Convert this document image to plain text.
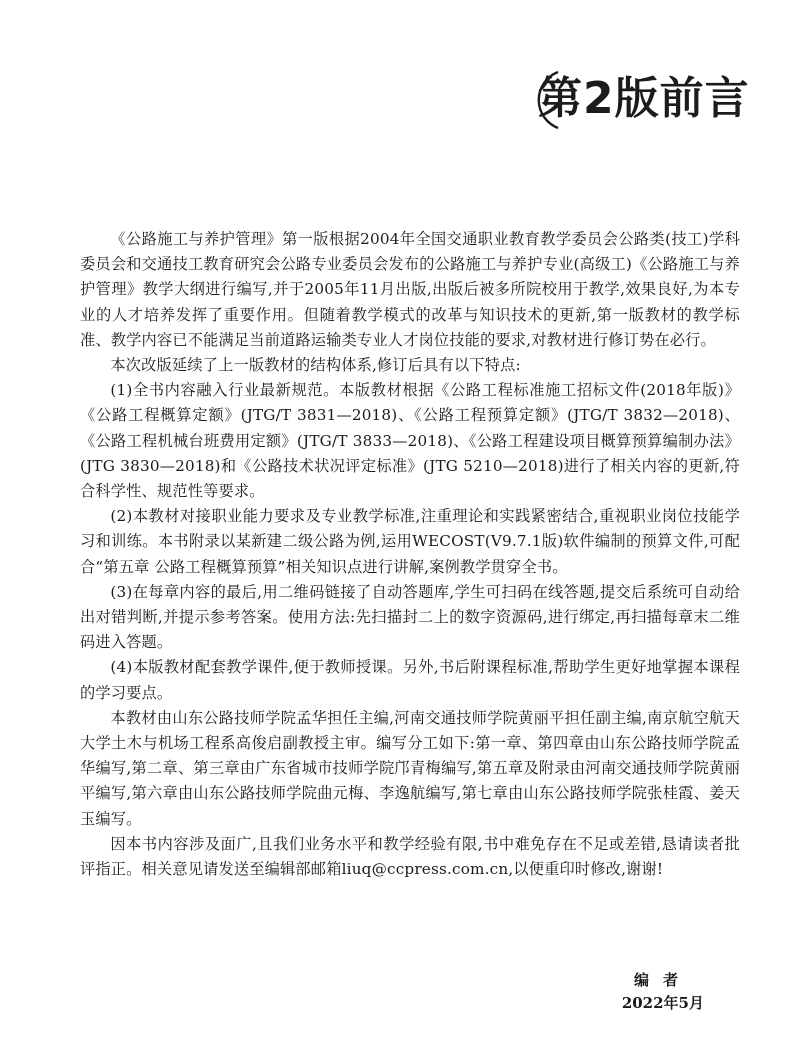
第2版前言

《公路施工与养护管理》第一版根据2004年全国交通职业教育教学委员会公路类(技工)学科委员会和交通技工教育研究会公路专业委员会发布的公路施工与养护专业(高级工)《公路施工与养护管理》教学大纲进行编写,并于2005年11月出版,出版后被多所院校用于教学,效果良好,为本专业的人才培养发挥了重要作用。但随着教学模式的改革与知识技术的更新,第一版教材的教学标准、教学内容已不能满足当前道路运输类专业人才岗位技能的要求,对教材进行修订势在必行。

本次改版延续了上一版教材的结构体系,修订后具有以下特点:

(1)全书内容融入行业最新规范。本版教材根据《公路工程标准施工招标文件(2018年版)》《公路工程概算定额》(JTG/T 3831—2018)、《公路工程预算定额》(JTG/T 3832—2018)、《公路工程机械台班费用定额》(JTG/T 3833—2018)、《公路工程建设项目概算预算编制办法》(JTG 3830—2018)和《公路技术状况评定标准》(JTG 5210—2018)进行了相关内容的更新,符合科学性、规范性等要求。

(2)本教材对接职业能力要求及专业教学标准,注重理论和实践紧密结合,重视职业岗位技能学习和训练。本书附录以某新建二级公路为例,运用WECOST(V9.7.1版)软件编制的预算文件,可配合“第五章 公路工程概算预算”相关知识点进行讲解,案例教学贯穿全书。

(3)在每章内容的最后,用二维码链接了自动答题库,学生可扫码在线答题,提交后系统可自动给出对错判断,并提示参考答案。使用方法:先扫描封二上的数字资源码,进行绑定,再扫描每章末二维码进入答题。

(4)本版教材配套教学课件,便于教师授课。另外,书后附课程标准,帮助学生更好地掌握本课程的学习要点。

本教材由山东公路技师学院孟华担任主编,河南交通技师学院黄丽平担任副主编,南京航空航天大学土木与机场工程系高俊启副教授主审。编写分工如下:第一章、第四章由山东公路技师学院孟华编写,第二章、第三章由广东省城市技师学院邝青梅编写,第五章及附录由河南交通技师学院黄丽平编写,第六章由山东公路技师学院曲元梅、李逸航编写,第七章由山东公路技师学院张桂霞、姜天玉编写。

因本书内容涉及面广,且我们业务水平和教学经验有限,书中难免存在不足或差错,恳请读者批评指正。相关意见请发送至编辑部邮箱liuq@ccpress.com.cn,以便重印时修改,谢谢!

编者
2022年5月
